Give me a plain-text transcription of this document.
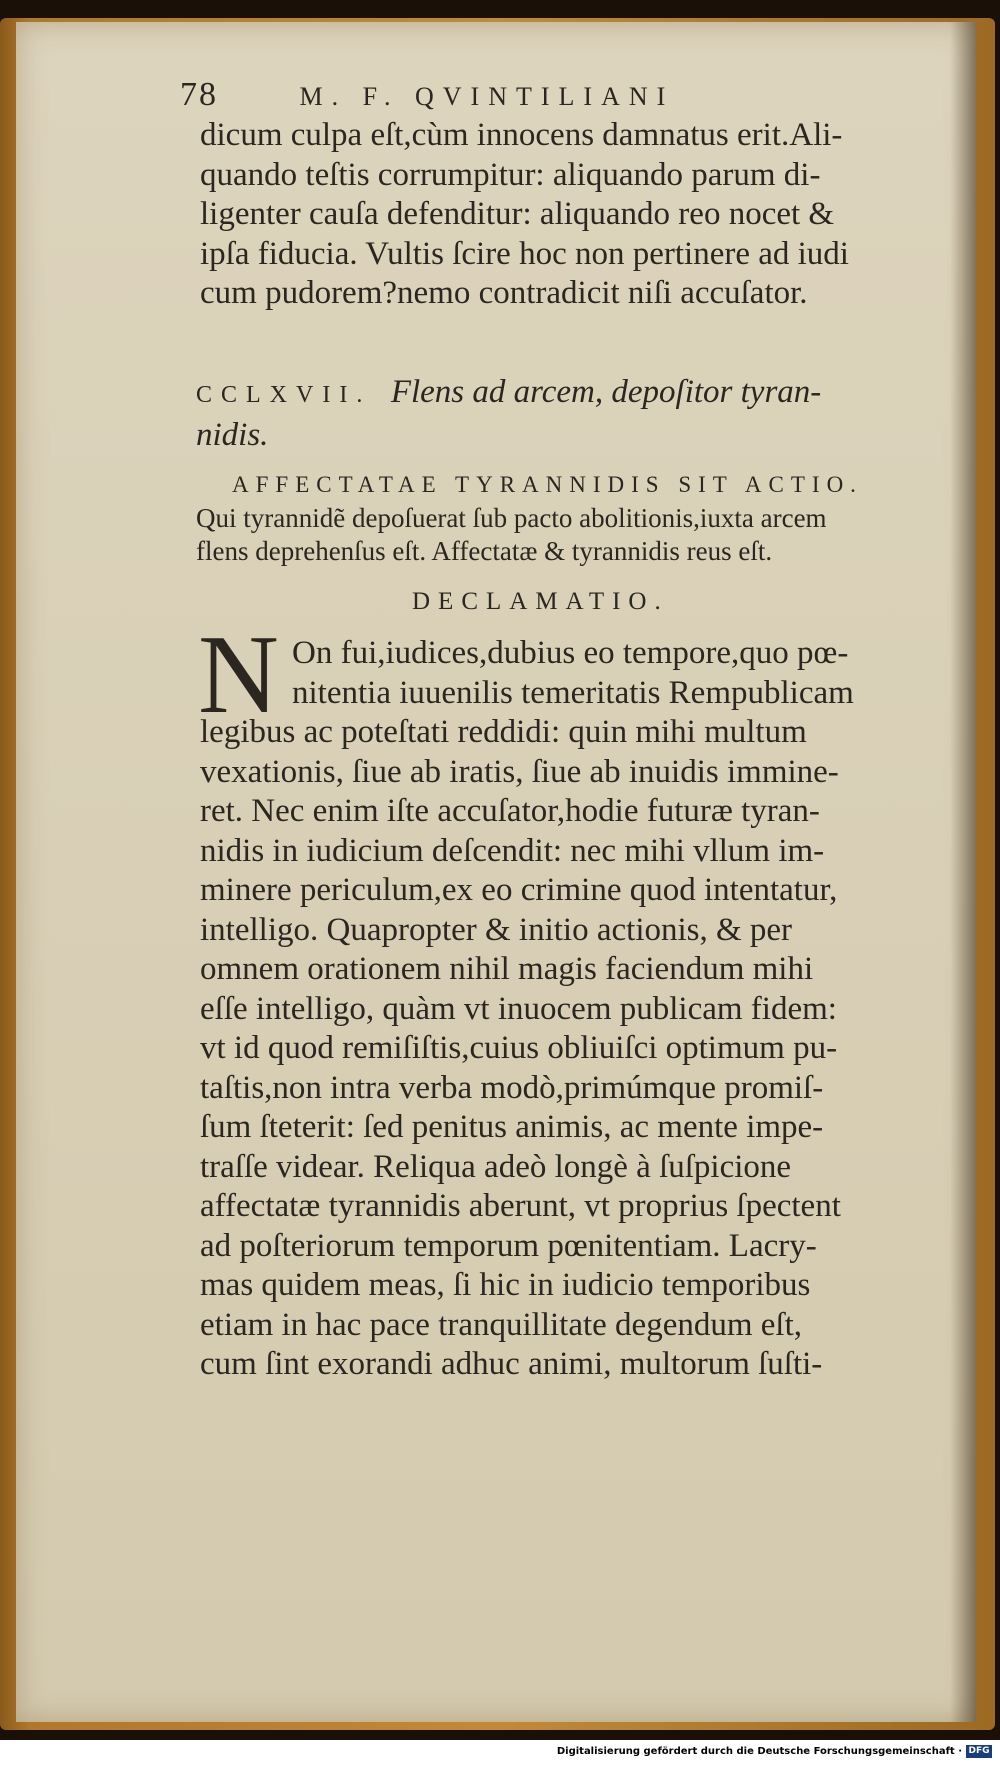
78	M. F. QVINTILIANI
dicum culpa eſt,cùm innocens damnatus erit.Ali-
quando teſtis corrumpitur: aliquando parum di-
ligenter cauſa defenditur: aliquando reo nocet &
ipſa fiducia. Vultis ſcire hoc non pertinere ad iudi
cum pudorem?nemo contradicit niſi accuſator.
CCLXVII. Flens ad arcem, depoſitor tyran-
nidis.
AFFECTATAE TYRANNIDIS SIT ACTIO.
Qui tyrannidẽ depoſuerat ſub pacto abolitionis,iuxta arcem
flens deprehenſus eſt. Affectatæ & tyrannidis reus eſt.
DECLAMATIO.
N On fui,iudices,dubius eo tempore,quo pœ-
nitentia iuuenilis temeritatis Rempublicam
legibus ac poteſtati reddidi: quin mihi multum
vexationis, ſiue ab iratis, ſiue ab inuidis immine-
ret. Nec enim iſte accuſator,hodie futuræ tyran-
nidis in iudicium deſcendit: nec mihi vllum im-
minere periculum,ex eo crimine quod intentatur,
intelligo. Quapropter & initio actionis, & per
omnem orationem nihil magis faciendum mihi
eſſe intelligo, quàm vt inuocem publicam fidem:
vt id quod remiſiſtis,cuius obliuiſci optimum pu-
taſtis,non intra verba modò,primúmque promiſ-
ſum ſteterit: ſed penitus animis, ac mente impe-
traſſe videar. Reliqua adeò longè à ſuſpicione
affectatæ tyrannidis aberunt, vt proprius ſpectent
ad poſteriorum temporum pœnitentiam. Lacry-
mas quidem meas, ſi hic in iudicio temporibus
etiam in hac pace tranquillitate degendum eſt,
cum ſint exorandi adhuc animi, multorum ſuſti-
Digitalisierung gefördert durch die Deutsche Forschungsgemeinschaft · DFG
